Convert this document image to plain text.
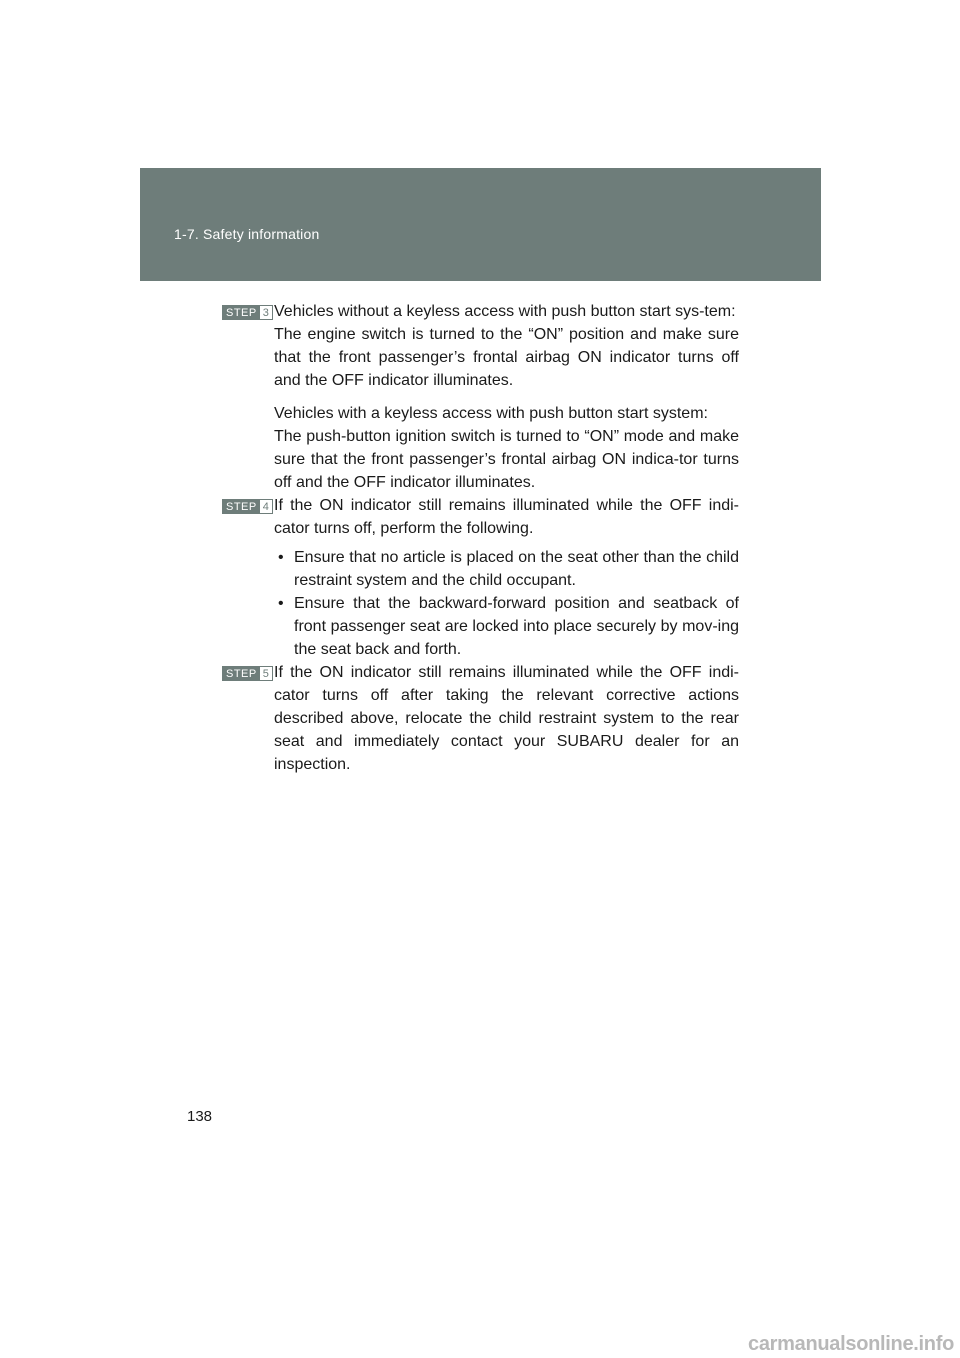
1-7. Safety information
STEP 3 Vehicles without a keyless access with push button start sys-tem:

The engine switch is turned to the “ON” position and make sure that the front passenger’s frontal airbag ON indicator turns off and the OFF indicator illuminates.

Vehicles with a keyless access with push button start system:

The push-button ignition switch is turned to “ON” mode and make sure that the front passenger’s frontal airbag ON indica-tor turns off and the OFF indicator illuminates.

STEP 4 If the ON indicator still remains illuminated while the OFF indi-cator turns off, perform the following.

• Ensure that no article is placed on the seat other than the child restraint system and the child occupant.
• Ensure that the backward-forward position and seatback of front passenger seat are locked into place securely by mov-ing the seat back and forth.
STEP 5 If the ON indicator still remains illuminated while the OFF indi-cator turns off after taking the relevant corrective actions described above, relocate the child restraint system to the rear seat and immediately contact your SUBARU dealer for an inspection.

138
carmanualsonline.info
